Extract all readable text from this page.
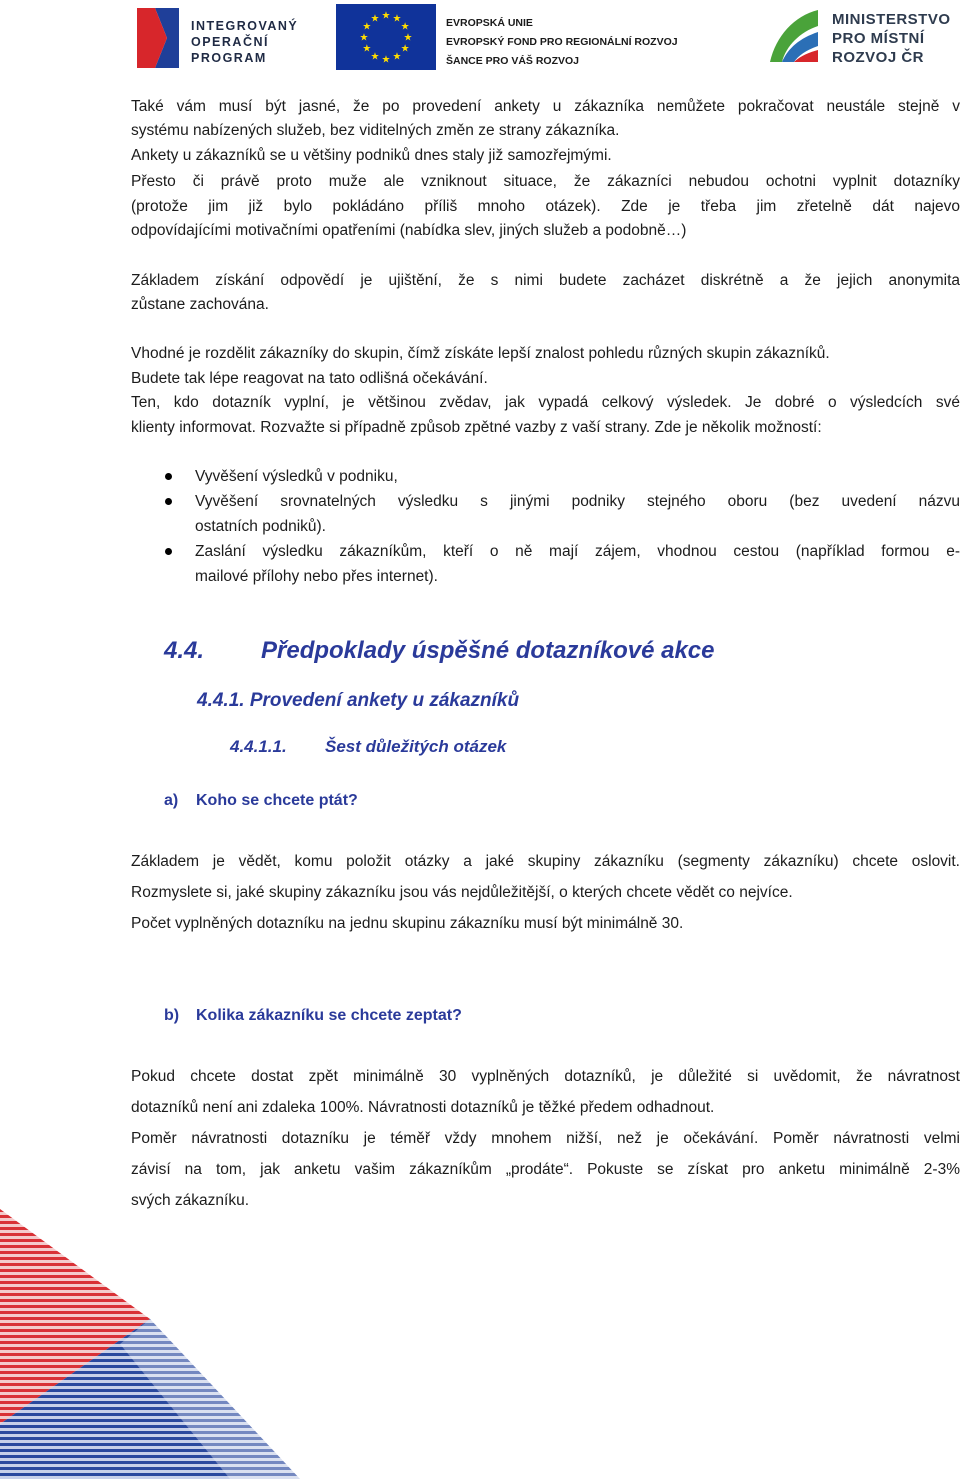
INTEGROVANÝ
OPERAČNÍ
PROGRAM
★ ★
★
★
★
★
★
★
★
★
★
★	EVROPSKÁ UNIE
EVROPSKÝ FOND PRO REGIONÁLNÍ ROZVOJ
ŠANCE PRO VÁŠ ROZVOJ
MINISTERSTVO
PRO MÍSTNÍ
ROZVOJ ČR
Také vám musí být jasné, že po provedení ankety u zákazníka nemůžete pokračovat neustále stejně v
systému nabízených služeb, bez viditelných změn ze strany zákazníka.
Ankety u zákazníků se u většiny podniků dnes staly již samozřejmými.
Přesto či právě proto muže ale vzniknout situace, že zákazníci nebudou ochotni vyplnit dotazníky
(protože jim již bylo pokládáno příliš mnoho otázek). Zde je třeba jim zřetelně dát najevo
odpovídajícími motivačními opatřeními (nabídka slev, jiných služeb a podobně…)
Základem získání odpovědí je ujištění, že s nimi budete zacházet diskrétně a že jejich anonymita
zůstane zachována.
Vhodné je rozdělit zákazníky do skupin, čímž získáte lepší znalost pohledu různých skupin zákazníků.
Budete tak lépe reagovat na tato odlišná očekávání.
Ten, kdo dotazník vyplní, je většinou zvědav, jak vypadá celkový výsledek. Je dobré o výsledcích své
klienty informovat. Rozvažte si případně způsob zpětné vazby z vaší strany. Zde je několik možností:
Vyvěšení výsledků v podniku,
Vyvěšení srovnatelných výsledku s jinými podniky stejného oboru (bez uvedení názvu
ostatních podniků).
Zaslání výsledku zákazníkům, kteří o ně mají zájem, vhodnou cestou (například formou e-
mailové přílohy nebo přes internet).
4.4. Předpoklady úspěšné dotazníkové akce
4.4.1. Provedení ankety u zákazníků
4.4.1.1. Šest důležitých otázek
a) Koho se chcete ptát?
Základem je vědět, komu položit otázky a jaké skupiny zákazníku (segmenty zákazníku) chcete oslovit.
Rozmyslete si, jaké skupiny zákazníku jsou vás nejdůležitější, o kterých chcete vědět co nejvíce.
Počet vyplněných dotazníku na jednu skupinu zákazníku musí být minimálně 30.
b) Kolika zákazníku se chcete zeptat?
Pokud chcete dostat zpět minimálně 30 vyplněných dotazníků, je důležité si uvědomit, že návratnost
dotazníků není ani zdaleka 100%. Návratnosti dotazníků je těžké předem odhadnout.
Poměr návratnosti dotazníku je téměř vždy mnohem nižší, než je očekávání. Poměr návratnosti velmi
závisí na tom, jak anketu vašim zákazníkům „prodáte“. Pokuste se získat pro anketu minimálně 2-3%
svých zákazníku.
